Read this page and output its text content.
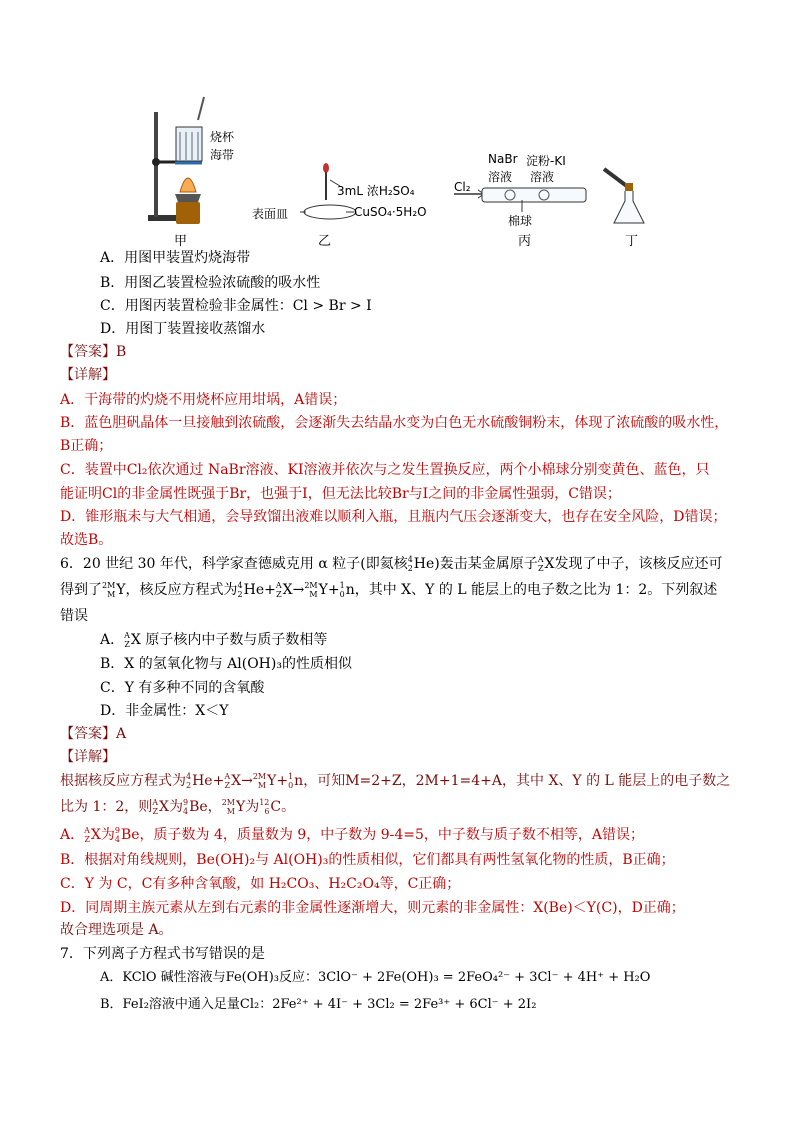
烧杯
海带
甲
3mL 浓H₂SO₄
表面皿	CuSO₄·5H₂O
乙
Cl₂
NaBr
溶液
淀粉-KI
溶液
棉球
丙	丁
A．用图甲装置灼烧海带
B．用图乙装置检验浓硫酸的吸水性
C．用图丙装置检验非金属性：Cl > Br > I
D．用图丁装置接收蒸馏水
【答案】B
【详解】
A．干海带的灼烧不用烧杯应用坩埚，A错误；
B．蓝色胆矾晶体一旦接触到浓硫酸，会逐渐失去结晶水变为白色无水硫酸铜粉末，体现了浓硫酸的吸水性，
B正确；
C．装置中Cl₂依次通过 NaBr溶液、KI溶液并依次与之发生置换反应，两个小棉球分别变黄色、蓝色，只
能证明Cl的非金属性既强于Br，也强于I，但无法比较Br与I之间的非金属性强弱，C错误；
D．锥形瓶未与大气相通，会导致馏出液难以顺利入瓶，且瓶内气压会逐渐变大，也存在安全风险，D错误；
故选B。
6．20 世纪 30 年代，科学家查德威克用 α 粒子(即氦核 4
2 He)轰击某金属原子 A
Z X发现了中子，该核反应还可
得到了 2M
M Y，核反应方程式为 4
2 He+ A
Z X→ 2M
M Y+ 1
0 n，其中 X、Y 的 L 能层上的电子数之比为 1：2。下列叙述
错误
A． A
Z X 原子核内中子数与质子数相等
B．X 的氢氧化物与 Al(OH)₃的性质相似
C．Y 有多种不同的含氧酸
D．非金属性：X＜Y
【答案】A
【详解】
根据核反应方程式为 4
2 He+ A
Z X→ 2M
M Y+ 1
0 n，可知M=2+Z，2M+1=4+A，其中 X、Y 的 L 能层上的电子数之
比为 1：2，则 A
Z X为 9
4 Be， 2M
M Y为 12
6 C。
A． A
Z X为 9
4 Be，质子数为 4，质量数为 9，中子数为 9-4=5，中子数与质子数不相等，A错误；
B．根据对角线规则，Be(OH)₂与 Al(OH)₃的性质相似，它们都具有两性氢氧化物的性质，B正确；
C．Y 为 C，C有多种含氧酸，如 H₂CO₃、H₂C₂O₄等，C正确；
D．同周期主族元素从左到右元素的非金属性逐渐增大，则元素的非金属性：X(Be)＜Y(C)，D正确；
故合理选项是 A。
7．下列离子方程式书写错误的是
A．KClO 碱性溶液与Fe(OH)₃反应：3ClO⁻ + 2Fe(OH)₃ = 2FeO₄²⁻ + 3Cl⁻ + 4H⁺ + H₂O
B．FeI₂溶液中通入足量Cl₂：2Fe²⁺ + 4I⁻ + 3Cl₂ = 2Fe³⁺ + 6Cl⁻ + 2I₂
